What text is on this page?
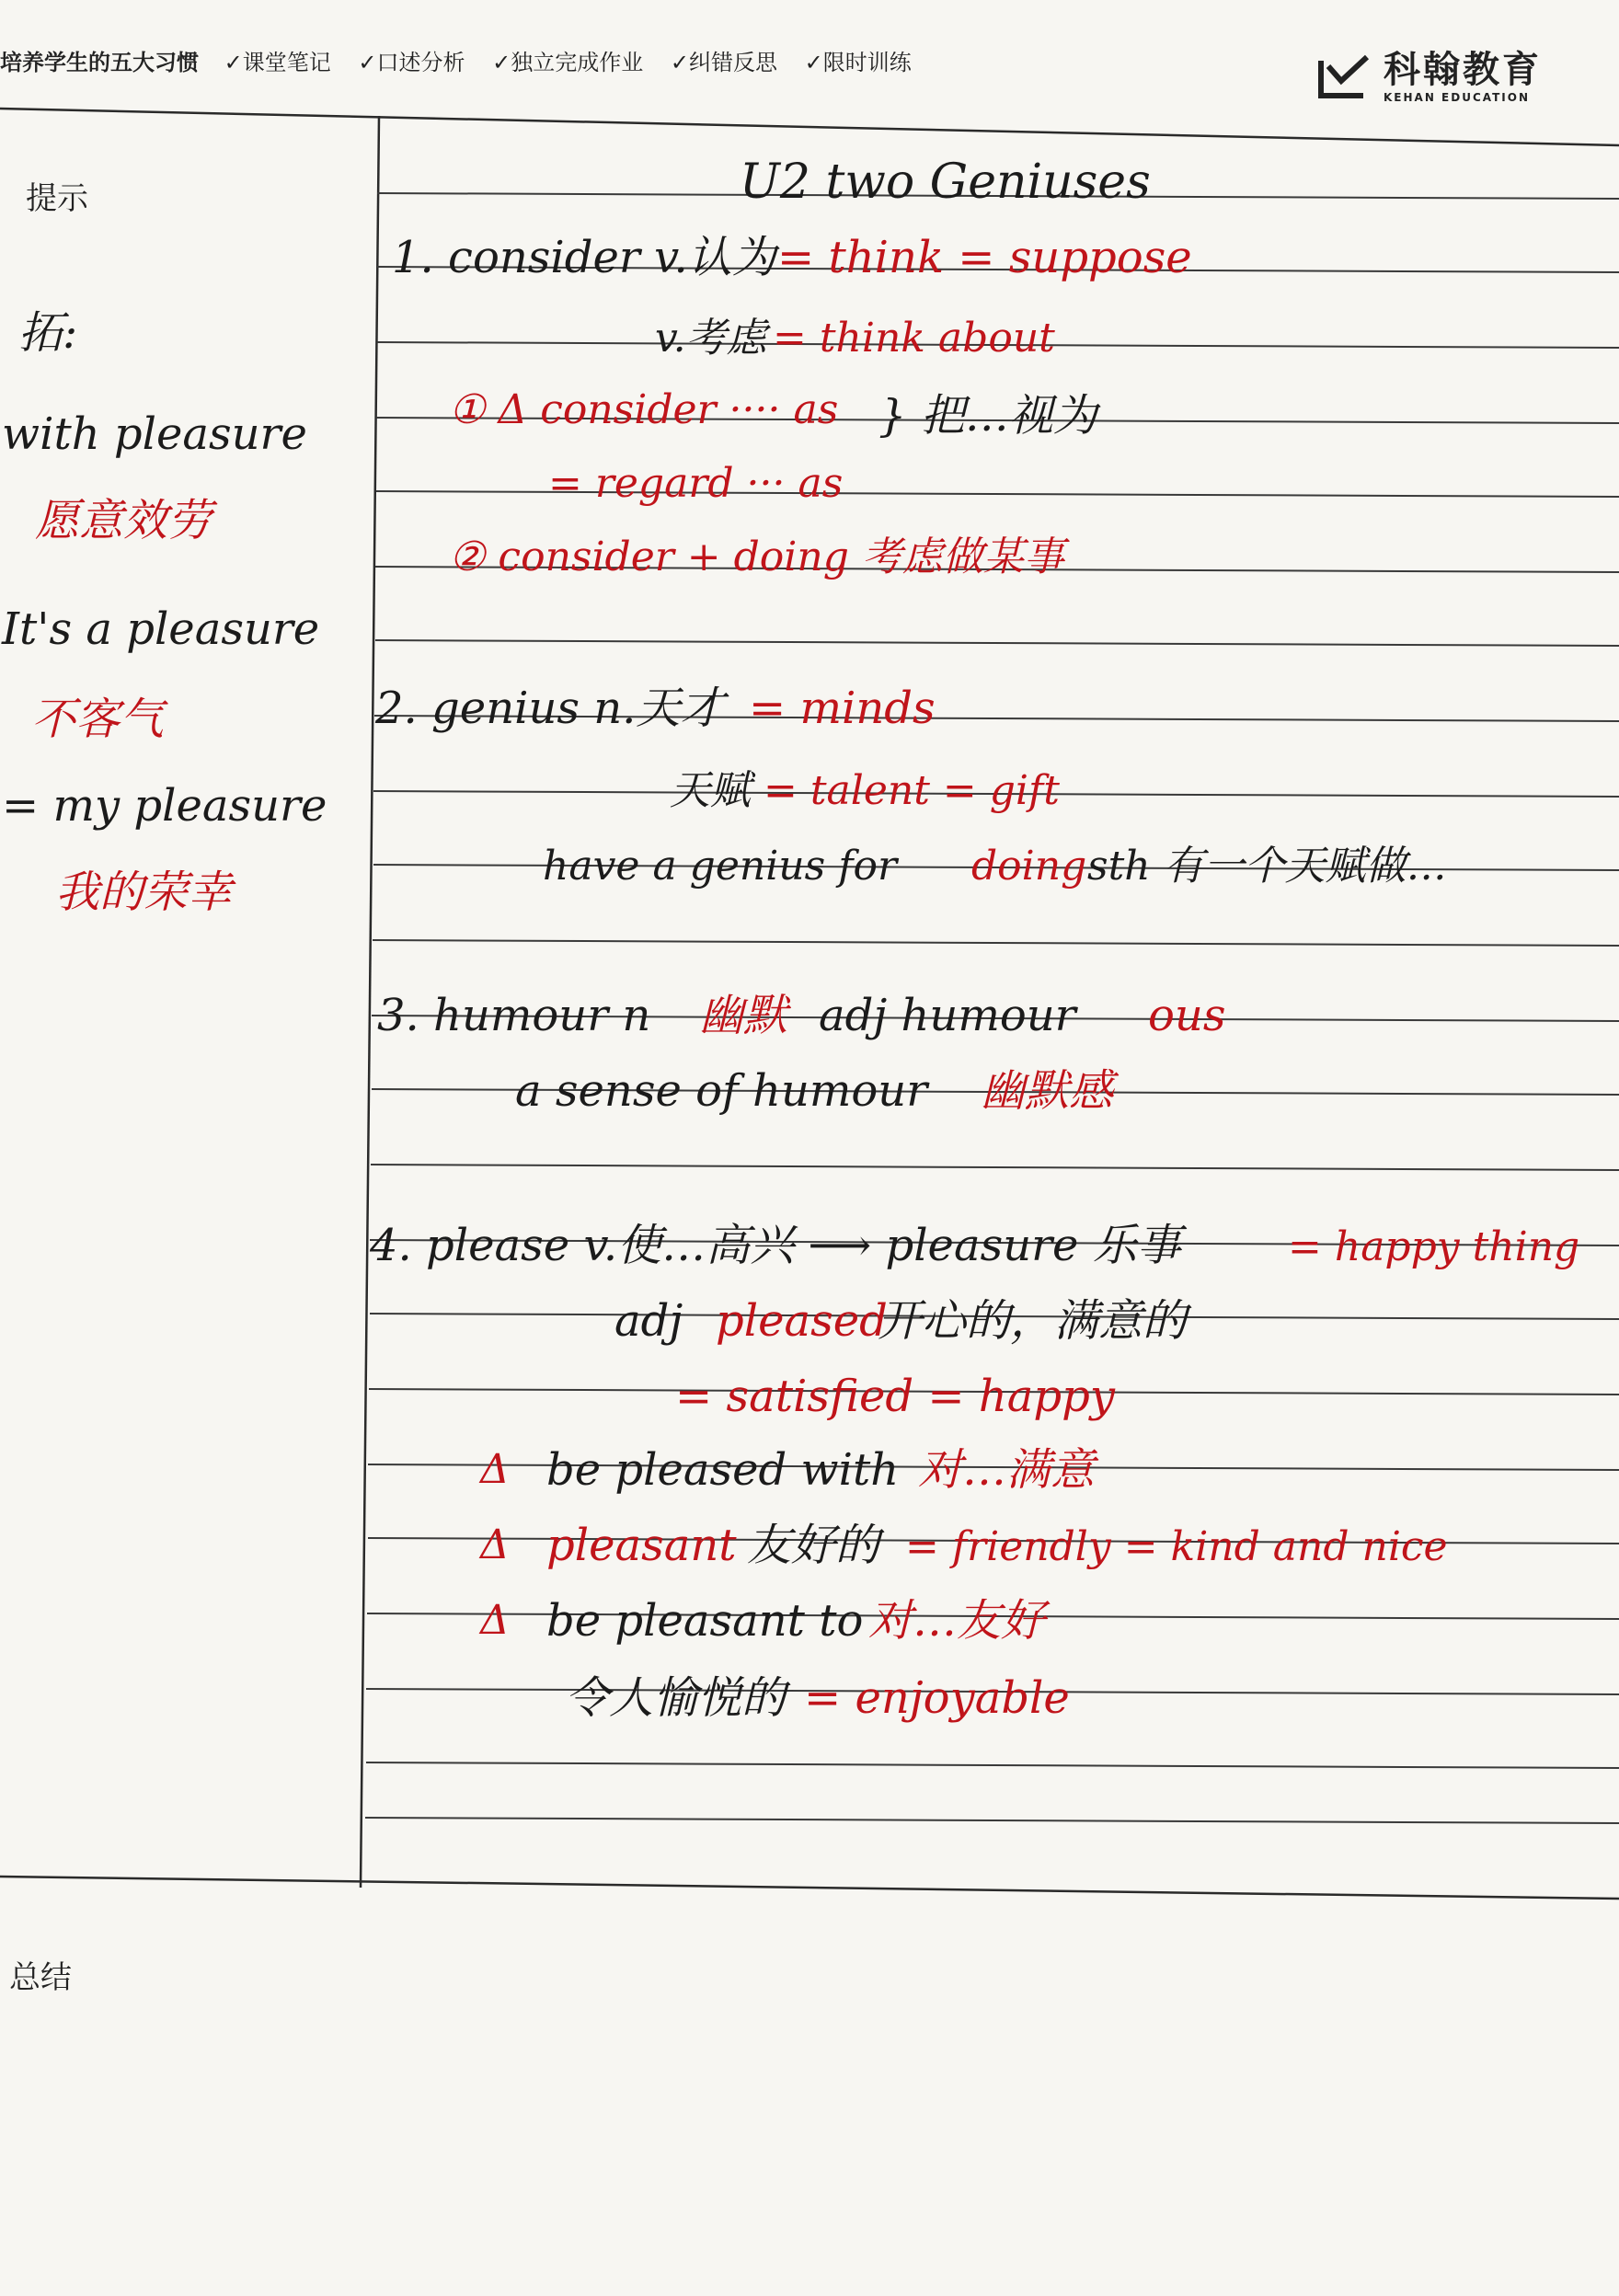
培养学生的五大习惯 ✓课堂笔记 ✓口述分析 ✓独立完成作业 ✓纠错反思 ✓限时训练	科翰教育
KEHAN EDUCATION
提示
总结
拓:
with pleasure
愿意效劳
It's a pleasure
不客气
= my pleasure
我的荣幸
U2 two Geniuses
1. consider v.认为 = think = suppose
v.考虑 = think about
① Δ consider ···· as } 把…视为
= regard ··· as
② consider + doing 考虑做某事
2. genius n.天才 = minds
天赋 = talent = gift
have a genius for doing sth 有一个天赋做…
3. humour n 幽默 adj humour ous
a sense of humour 幽默感
4. please v.使…高兴 ⟶ pleasure 乐事	= happy thing
adj pleased
开心的，满意的
= satisfied = happy
Δ be pleased with 对…满意
Δ pleasant 友好的 = friendly = kind and nice
Δ be pleasant to 对…友好
令人愉悦的 = enjoyable
